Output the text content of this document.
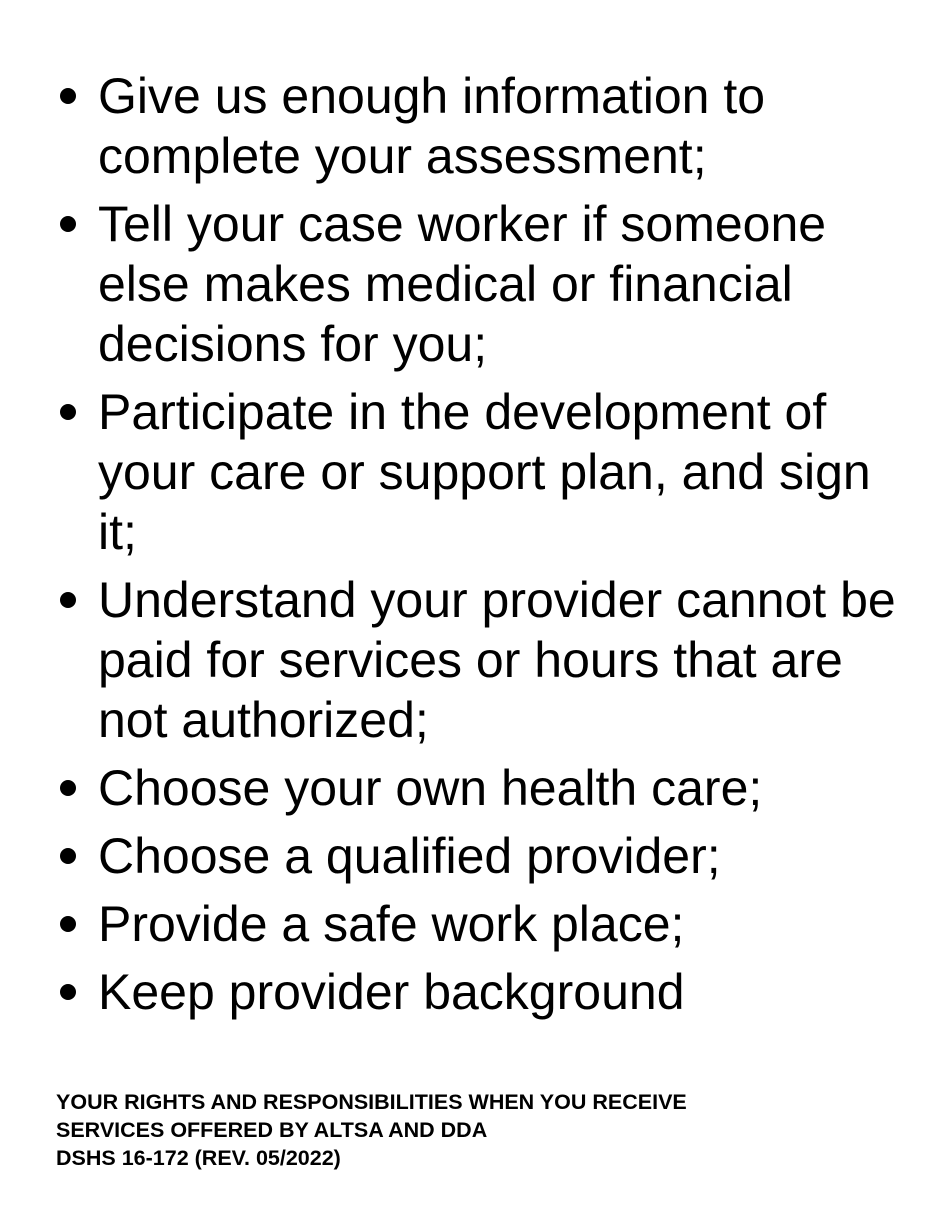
Give us enough information to complete your assessment;
Tell your case worker if someone else makes medical or financial decisions for you;
Participate in the development of your care or support plan, and sign it;
Understand your provider cannot be paid for services or hours that are not authorized;
Choose your own health care;
Choose a qualified provider;
Provide a safe work place;
Keep provider background
YOUR RIGHTS AND RESPONSIBILITIES WHEN YOU RECEIVE
SERVICES OFFERED BY ALTSA AND DDA
DSHS 16-172 (REV. 05/2022)
